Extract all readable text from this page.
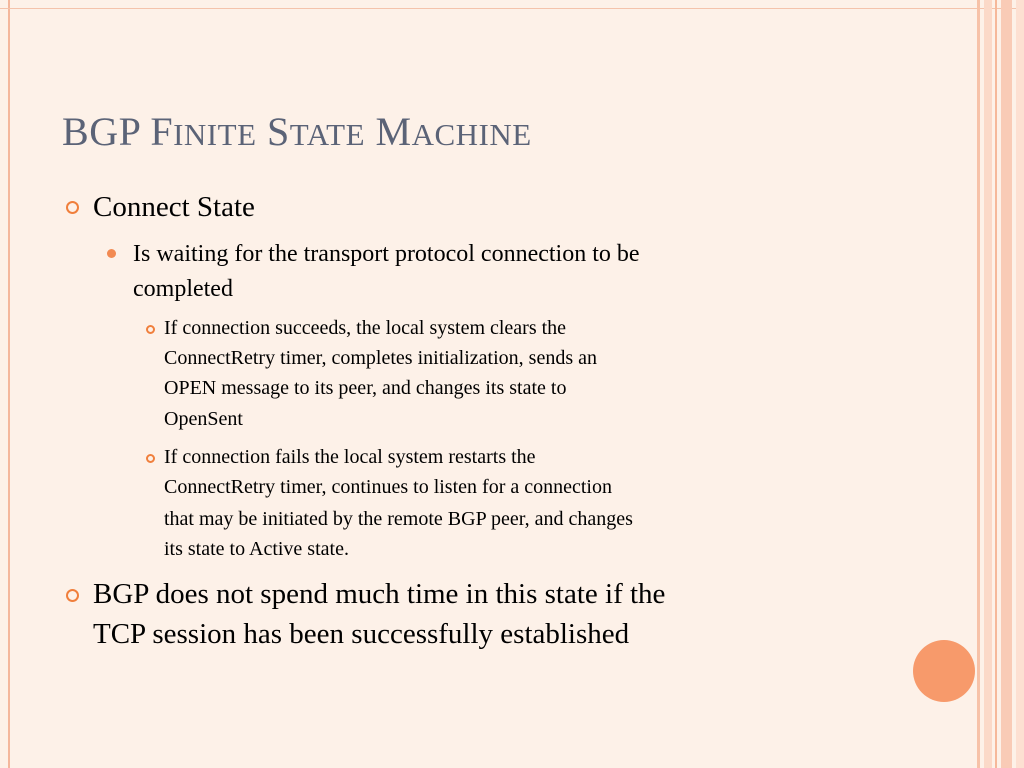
BGP FINITE STATE MACHINE
Connect State
Is waiting for the transport protocol connection to be
completed
If connection succeeds, the local system clears the
ConnectRetry timer, completes initialization, sends an
OPEN message to its peer, and changes its state to
OpenSent
If connection fails the local system restarts the
ConnectRetry timer, continues to listen for a connection
that may be initiated by the remote BGP peer, and changes
its state to Active state.
BGP does not spend much time in this state if the
TCP session has been successfully established
